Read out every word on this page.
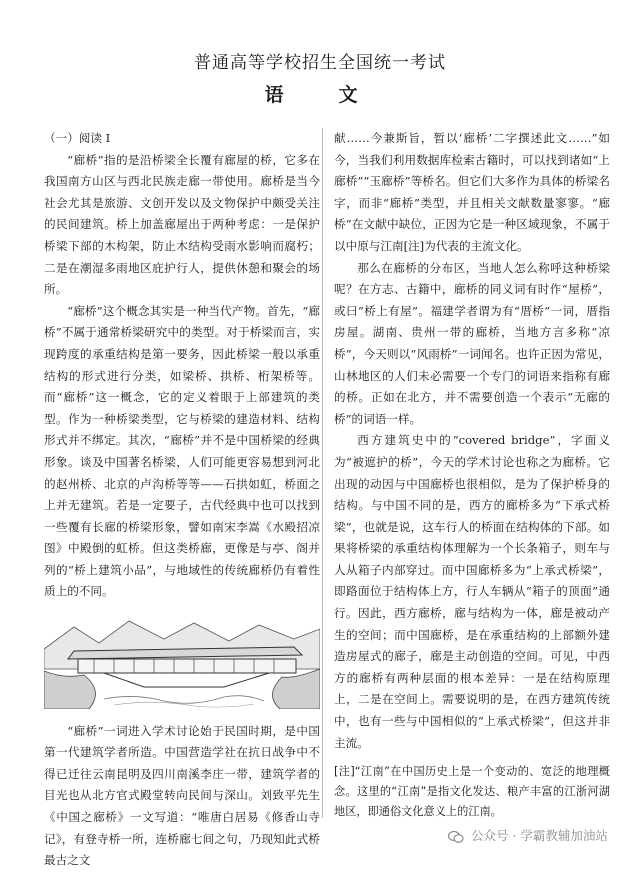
普通高等学校招生全国统一考试
语　文

（一）阅读 I

“廊桥”指的是沿桥梁全长覆有廊屋的桥，它多在我国南方山区与西北民族走廊一带使用。廊桥是当今社会尤其是旅游、文创开发以及文物保护中颇受关注的民间建筑。桥上加盖廊屋出于两种考虑：一是保护桥梁下部的木构架，防止木结构受雨水影响而腐朽；二是在潮湿多雨地区庇护行人，提供休憩和聚会的场所。

“廊桥”这个概念其实是一种当代产物。首先，“廊桥”不属于通常桥梁研究中的类型。对于桥梁而言，实现跨度的承重结构是第一要务，因此桥梁一般以承重结构的形式进行分类，如梁桥、拱桥、桁架桥等。而“廊桥”这一概念，它的定义着眼于上部建筑的类型。作为一种桥梁类型，它与桥梁的建造材料、结构形式并不绑定。其次，“廊桥”并不是中国桥梁的经典形象。谈及中国著名桥梁，人们可能更容易想到河北的赵州桥、北京的卢沟桥等等——石拱如虹，桥面之上并无建筑。若是一定要子，古代经典中也可以找到一些覆有长廊的桥梁形象，譬如南宋李嵩《水殿招凉图》中殿倒的虹桥。但这类桥廊，更像是与亭、阁并列的“桥上建筑小品”，与地域性的传统廊桥仍有着性质上的不同。

“廊桥”一词进入学术讨论始于民国时期，是中国第一代建筑学者所造。中国营造学社在抗日战争中不得已迁往云南昆明及四川南溪李庄一带，建筑学者的目光也从北方官式殿堂转向民间与深山。刘致平先生《中国之廊桥》一文写道：“唯唐白居易《修香山寺记》，有登寺桥一所，连桥廊七间之句，乃现知此式桥最古之文

献……今兼斯旨，暂以‘廊桥’二字撰述此文……”如今，当我们利用数据库检索古籍时，可以找到诸如“上廊桥”“玉廊桥”等桥名。但它们大多作为具体的桥梁名字，而非“廊桥”类型，并且相关文献数量寥寥。“廊桥”在文献中缺位，正因为它是一种区域现象，不属于以中原与江南[注]为代表的主流文化。

那么在廊桥的分布区，当地人怎么称呼这种桥梁呢？在方志、古籍中，廊桥的同义词有时作“屋桥”，或曰“桥上有屋”。福建学者谓为有“厝桥”一词，厝指房屋。湖南、贵州一带的廊桥，当地方言多称“凉桥”，今天则以“风雨桥”一词闻名。也许正因为常见，山林地区的人们未必需要一个专门的词语来指称有廊的桥。正如在北方，并不需要创造一个表示“无廊的桥”的词语一样。

西方建筑史中的“covered bridge”，字面义为“被遮护的桥”，今天的学术讨论也称之为廊桥。它出现的动因与中国廊桥也很相似，是为了保护桥身的结构。与中国不同的是，西方的廊桥多为“下承式桥梁”，也就是说，这车行人的桥面在结构体的下部。如果将桥梁的承重结构体理解为一个长条箱子，则车与人从箱子内部穿过。而中国廊桥多为“上承式桥梁”，即路面位于结构体上方，行人车辆从“箱子的顶面”通行。因此，西方廊桥，廊与结构为一体，廊是被动产生的空间；而中国廊桥，是在承重结构的上部额外建造房屋式的廊子，廊是主动创造的空间。可见，中西方的廊桥有两种层面的根本差异：一是在结构原理上，二是在空间上。需要说明的是，在西方建筑传统中，也有一些与中国相似的“上承式桥梁”，但这并非主流。

[注]“江南”在中国历史上是一个变动的、宽泛的地理概念。这里的“江南”是指文化发达、粮产丰富的江浙河湖地区，即通俗文化意义上的江南。

公众号 · 学霸教辅加油站
